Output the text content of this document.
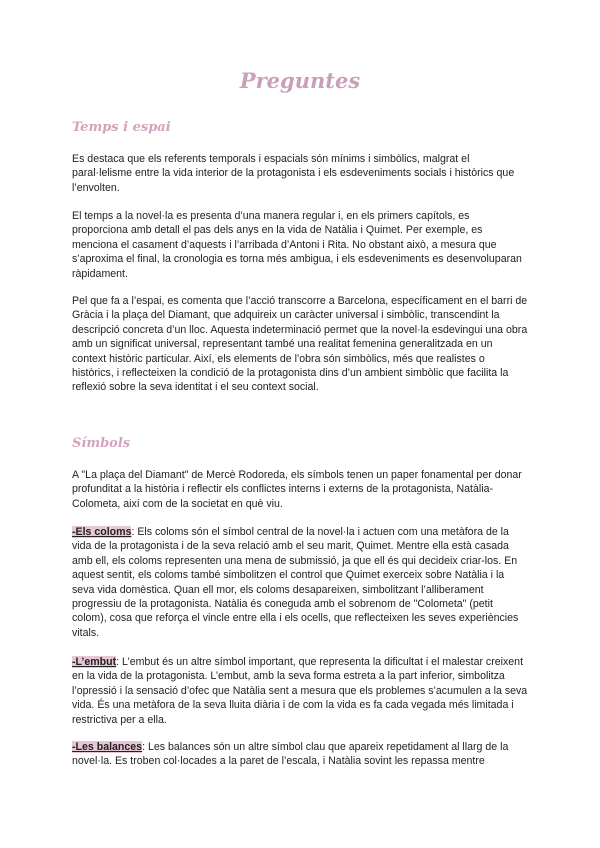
Preguntes
Temps i espai

Es destaca que els referents temporals i espacials són mínims i simbòlics, malgrat el paral·lelisme entre la vida interior de la protagonista i els esdeveniments socials i històrics que l’envolten.

El temps a la novel·la es presenta d’una manera regular i, en els primers capítols, es proporciona amb detall el pas dels anys en la vida de Natàlia i Quimet. Per exemple, es menciona el casament d’aquests i l’arribada d’Antoni i Rita. No obstant això, a mesura que s’aproxima el final, la cronologia es torna més ambigua, i els esdeveniments es desenvoluparan ràpidament.

Pel que fa a l’espai, es comenta que l’acció transcorre a Barcelona, específicament en el barri de Gràcia i la plaça del Diamant, que adquireix un caràcter universal i simbòlic, transcendint la descripció concreta d’un lloc. Aquesta indeterminació permet que la novel·la esdevingui una obra amb un significat universal, representant també una realitat femenina generalitzada en un context històric particular. Així, els elements de l’obra són simbòlics, més que realistes o històrics, i reflecteixen la condició de la protagonista dins d’un ambient simbòlic que facilita la reflexió sobre la seva identitat i el seu context social.

Símbols

A "La plaça del Diamant" de Mercè Rodoreda, els símbols tenen un paper fonamental per donar profunditat a la història i reflectir els conflictes interns i externs de la protagonista, Natàlia-Colometa, així com de la societat en què viu.

-Els coloms: Els coloms són el símbol central de la novel·la i actuen com una metàfora de la vida de la protagonista i de la seva relació amb el seu marit, Quimet. Mentre ella està casada amb ell, els coloms representen una mena de submissió, ja que ell és qui decideix criar-los. En aquest sentit, els coloms també simbolitzen el control que Quimet exerceix sobre Natàlia i la seva vida domèstica. Quan ell mor, els coloms desapareixen, simbolitzant l’alliberament progressiu de la protagonista. Natàlia és coneguda amb el sobrenom de "Colometa" (petit colom), cosa que reforça el vincle entre ella i els ocells, que reflecteixen les seves experiències vitals.

-L’embut: L’embut és un altre símbol important, que representa la dificultat i el malestar creixent en la vida de la protagonista. L’embut, amb la seva forma estreta a la part inferior, simbolitza l’opressió i la sensació d’ofec que Natàlia sent a mesura que els problemes s’acumulen a la seva vida. És una metàfora de la seva lluita diària i de com la vida es fa cada vegada més limitada i restrictiva per a ella.

-Les balances: Les balances són un altre símbol clau que apareix repetidament al llarg de la novel·la. Es troben col·locades a la paret de l’escala, i Natàlia sovint les repassa mentre
